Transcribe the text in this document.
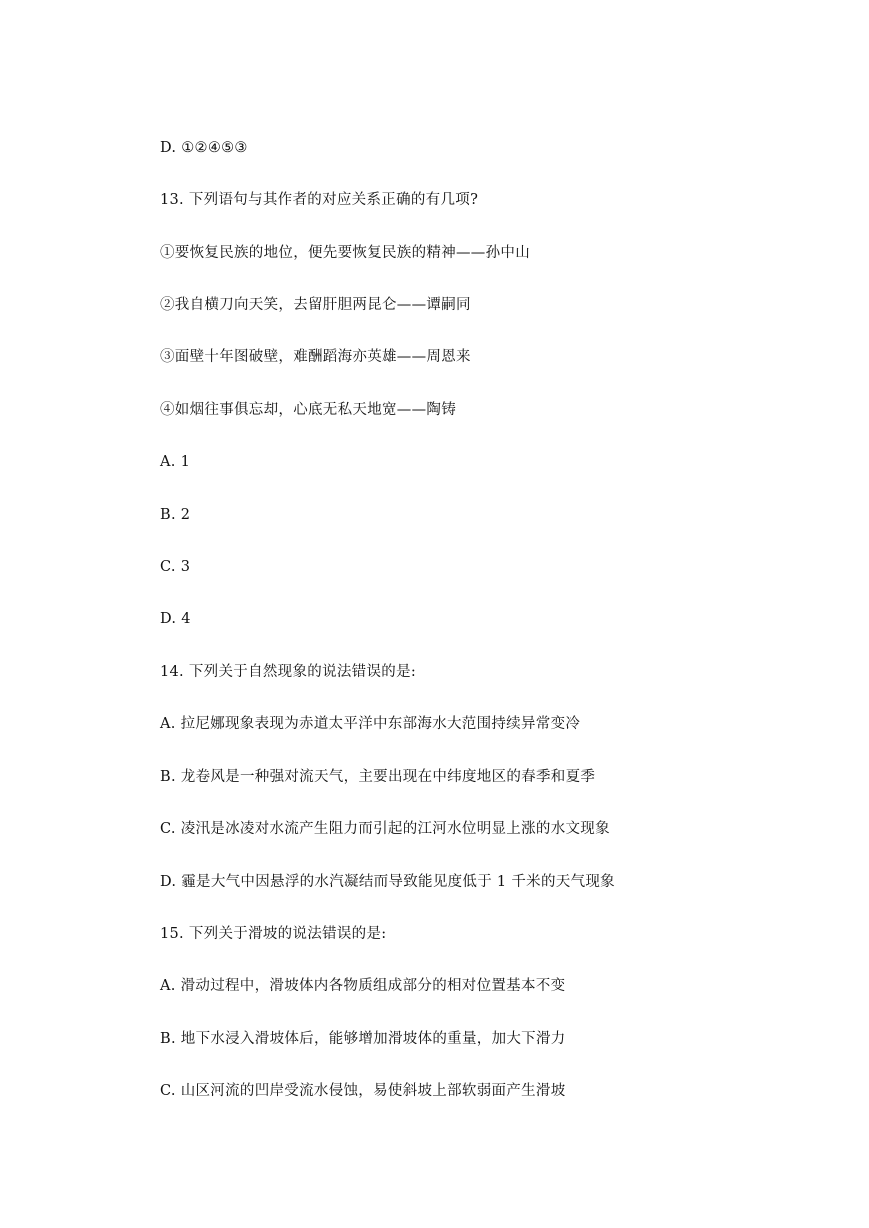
D. ①②④⑤③
13. 下列语句与其作者的对应关系正确的有几项?
①要恢复民族的地位，便先要恢复民族的精神——孙中山
②我自横刀向天笑，去留肝胆两昆仑——谭嗣同
③面壁十年图破壁，难酬蹈海亦英雄——周恩来
④如烟往事俱忘却，心底无私天地宽——陶铸
A. 1
B. 2
C. 3
D. 4
14. 下列关于自然现象的说法错误的是:
A. 拉尼娜现象表现为赤道太平洋中东部海水大范围持续异常变冷
B. 龙卷风是一种强对流天气，主要出现在中纬度地区的春季和夏季
C. 凌汛是冰凌对水流产生阻力而引起的江河水位明显上涨的水文现象
D. 霾是大气中因悬浮的水汽凝结而导致能见度低于 1 千米的天气现象
15. 下列关于滑坡的说法错误的是:
A. 滑动过程中，滑坡体内各物质组成部分的相对位置基本不变
B. 地下水浸入滑坡体后，能够增加滑坡体的重量，加大下滑力
C. 山区河流的凹岸受流水侵蚀，易使斜坡上部软弱面产生滑坡
